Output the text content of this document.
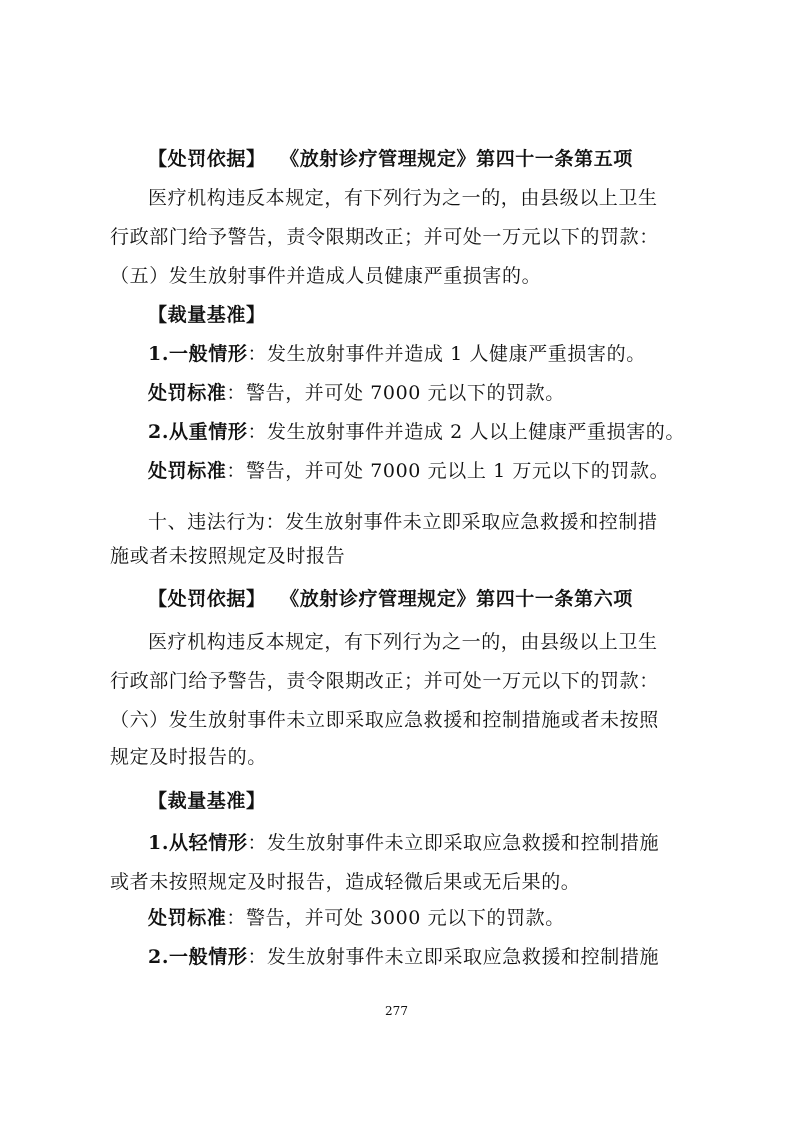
【处罚依据】 《放射诊疗管理规定》第四十一条第五项
医疗机构违反本规定，有下列行为之一的，由县级以上卫生
行政部门给予警告，责令限期改正；并可处一万元以下的罚款：
（五）发生放射事件并造成人员健康严重损害的。
【裁量基准】
1.一般情形：发生放射事件并造成 1 人健康严重损害的。
处罚标准：警告，并可处 7000 元以下的罚款。
2.从重情形：发生放射事件并造成 2 人以上健康严重损害的。
处罚标准：警告，并可处 7000 元以上 1 万元以下的罚款。
十、违法行为：发生放射事件未立即采取应急救援和控制措
施或者未按照规定及时报告
【处罚依据】 《放射诊疗管理规定》第四十一条第六项
医疗机构违反本规定，有下列行为之一的，由县级以上卫生
行政部门给予警告，责令限期改正；并可处一万元以下的罚款：
（六）发生放射事件未立即采取应急救援和控制措施或者未按照
规定及时报告的。
【裁量基准】
1.从轻情形：发生放射事件未立即采取应急救援和控制措施
或者未按照规定及时报告，造成轻微后果或无后果的。
处罚标准：警告，并可处 3000 元以下的罚款。
2.一般情形：发生放射事件未立即采取应急救援和控制措施
277
